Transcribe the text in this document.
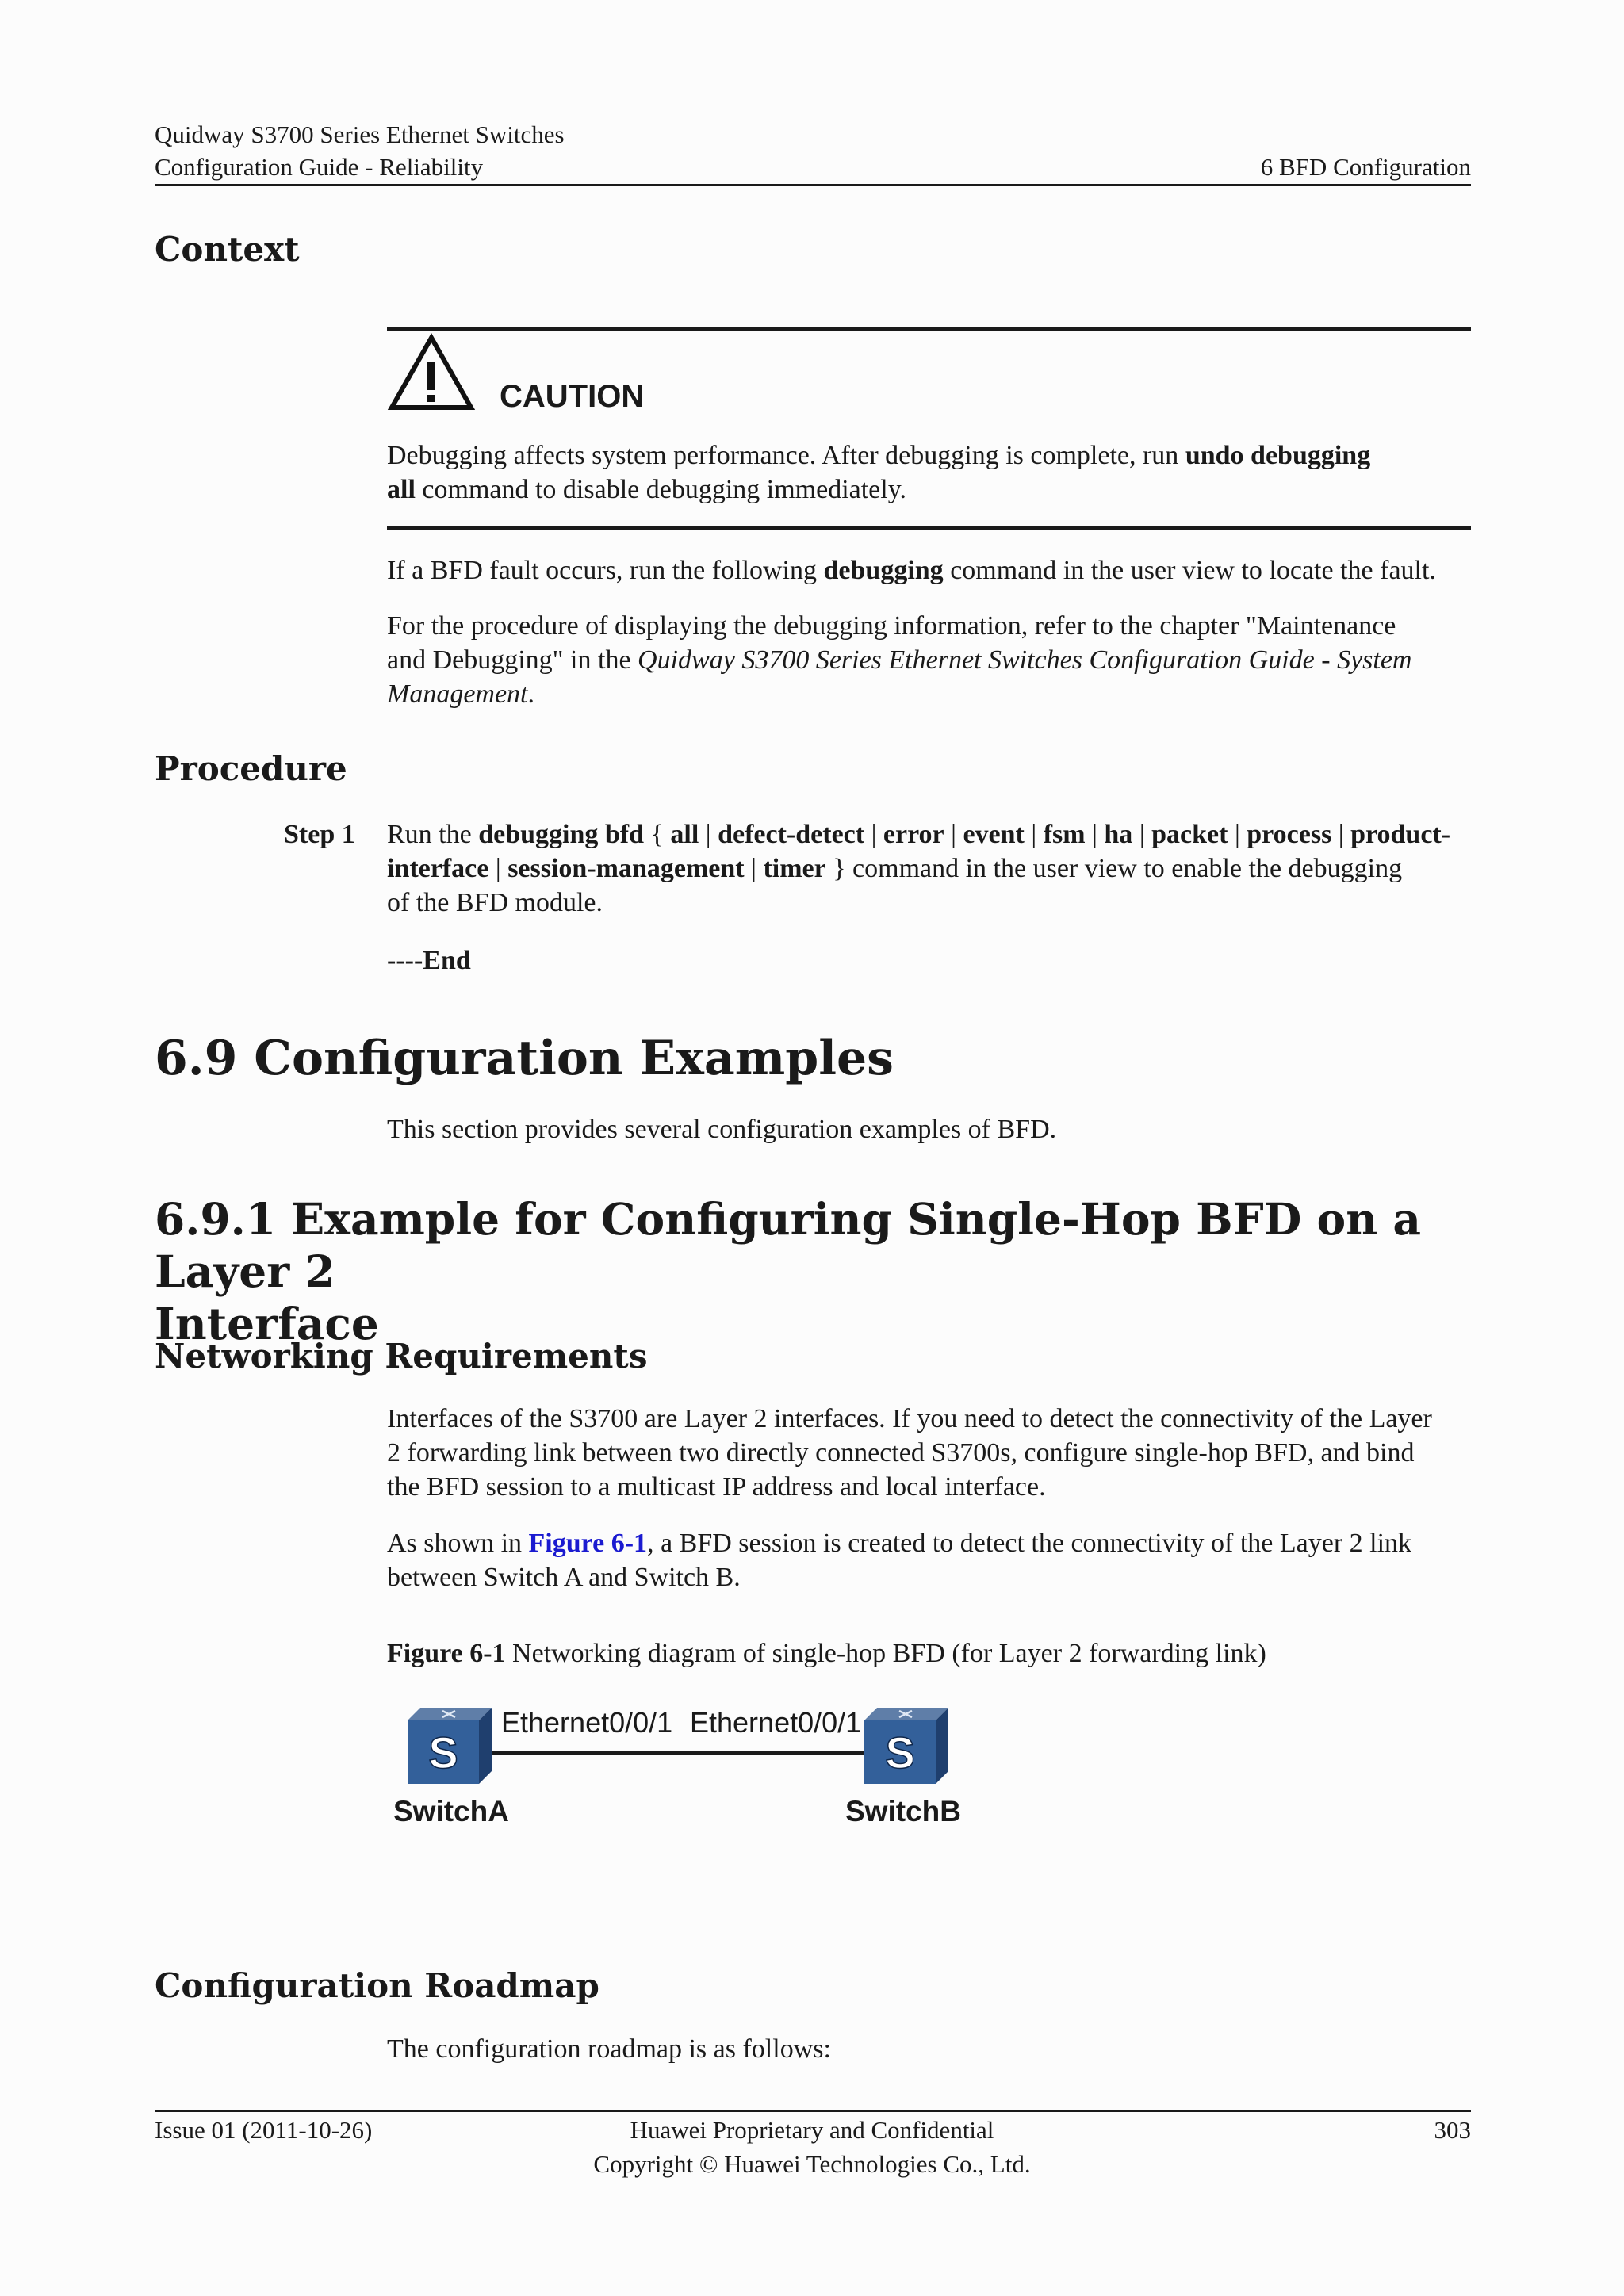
Quidway S3700 Series Ethernet Switches
Configuration Guide - Reliability	6 BFD Configuration
Context
CAUTION
Debugging affects system performance. After debugging is complete, run undo debugging
all command to disable debugging immediately.
If a BFD fault occurs, run the following debugging command in the user view to locate the fault.
For the procedure of displaying the debugging information, refer to the chapter "Maintenance
and Debugging" in the Quidway S3700 Series Ethernet Switches Configuration Guide - System
Management.
Procedure
Step 1 Run the debugging bfd { all | defect-detect | error | event | fsm | ha | packet | process | product-
interface | session-management | timer } command in the user view to enable the debugging
of the BFD module.
----End
6.9 Configuration Examples
This section provides several configuration examples of BFD.
6.9.1 Example for Configuring Single-Hop BFD on a Layer 2
Interface
Networking Requirements
Interfaces of the S3700 are Layer 2 interfaces. If you need to detect the connectivity of the Layer
2 forwarding link between two directly connected S3700s, configure single-hop BFD, and bind
the BFD session to a multicast IP address and local interface.
As shown in Figure 6-1, a BFD session is created to detect the connectivity of the Layer 2 link
between Switch A and Switch B.
Figure 6-1 Networking diagram of single-hop BFD (for Layer 2 forwarding link)
S	S
Ethernet0/0/1 Ethernet0/0/1
SwitchA	SwitchB
Configuration Roadmap
The configuration roadmap is as follows:
Issue 01 (2011-10-26)	Huawei Proprietary and Confidential
Copyright © Huawei Technologies Co., Ltd.
303
